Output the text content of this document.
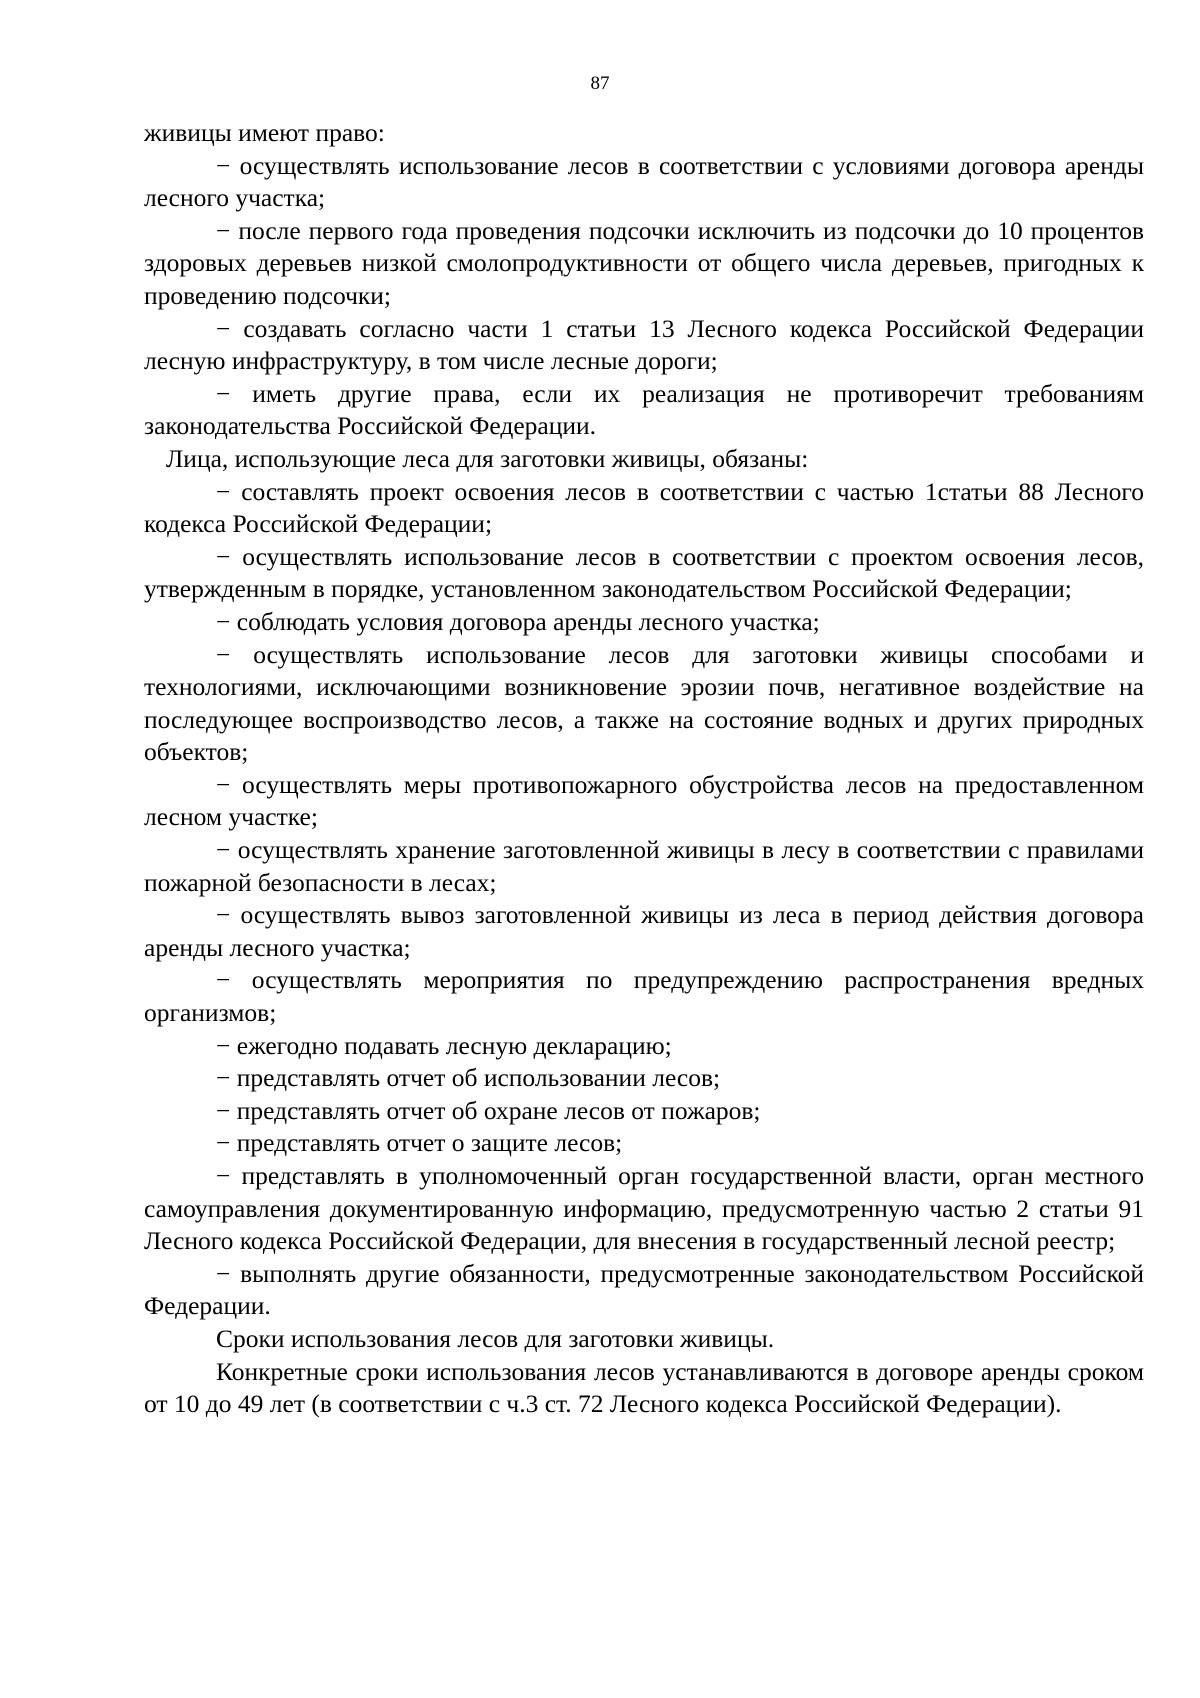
87

живицы имеют право:

− осуществлять использование лесов в соответствии с условиями договора аренды лесного участка;

− после первого года проведения подсочки исключить из подсочки до 10 процентов здоровых деревьев низкой смолопродуктивности от общего числа деревьев, пригодных к проведению подсочки;

− создавать согласно части 1 статьи 13 Лесного кодекса Российской Федерации лесную инфраструктуру, в том числе лесные дороги;

− иметь другие права, если их реализация не противоречит требованиям законодательства Российской Федерации.

Лица, использующие леса для заготовки живицы, обязаны:

− составлять проект освоения лесов в соответствии с частью 1статьи 88 Лесного кодекса Российской Федерации;

− осуществлять использование лесов в соответствии с проектом освоения лесов, утвержденным в порядке, установленном законодательством Российской Федерации;

− соблюдать условия договора аренды лесного участка;

− осуществлять использование лесов для заготовки живицы способами и технологиями, исключающими возникновение эрозии почв, негативное воздействие на последующее воспроизводство лесов, а также на состояние водных и других природных объектов;

− осуществлять меры противопожарного обустройства лесов на предоставленном лесном участке;

− осуществлять хранение заготовленной живицы в лесу в соответствии с правилами пожарной безопасности в лесах;

− осуществлять вывоз заготовленной живицы из леса в период действия договора аренды лесного участка;

− осуществлять мероприятия по предупреждению распространения вредных организмов;

− ежегодно подавать лесную декларацию;

− представлять отчет об использовании лесов;

− представлять отчет об охране лесов от пожаров;

− представлять отчет о защите лесов;

− представлять в уполномоченный орган государственной власти, орган местного самоуправления документированную информацию, предусмотренную частью 2 статьи 91 Лесного кодекса Российской Федерации, для внесения в государственный лесной реестр;

− выполнять другие обязанности, предусмотренные законодательством Российской Федерации.

Сроки использования лесов для заготовки живицы.

Конкретные сроки использования лесов устанавливаются в договоре аренды сроком от 10 до 49 лет (в соответствии с ч.3 ст. 72 Лесного кодекса Российской Федерации).
